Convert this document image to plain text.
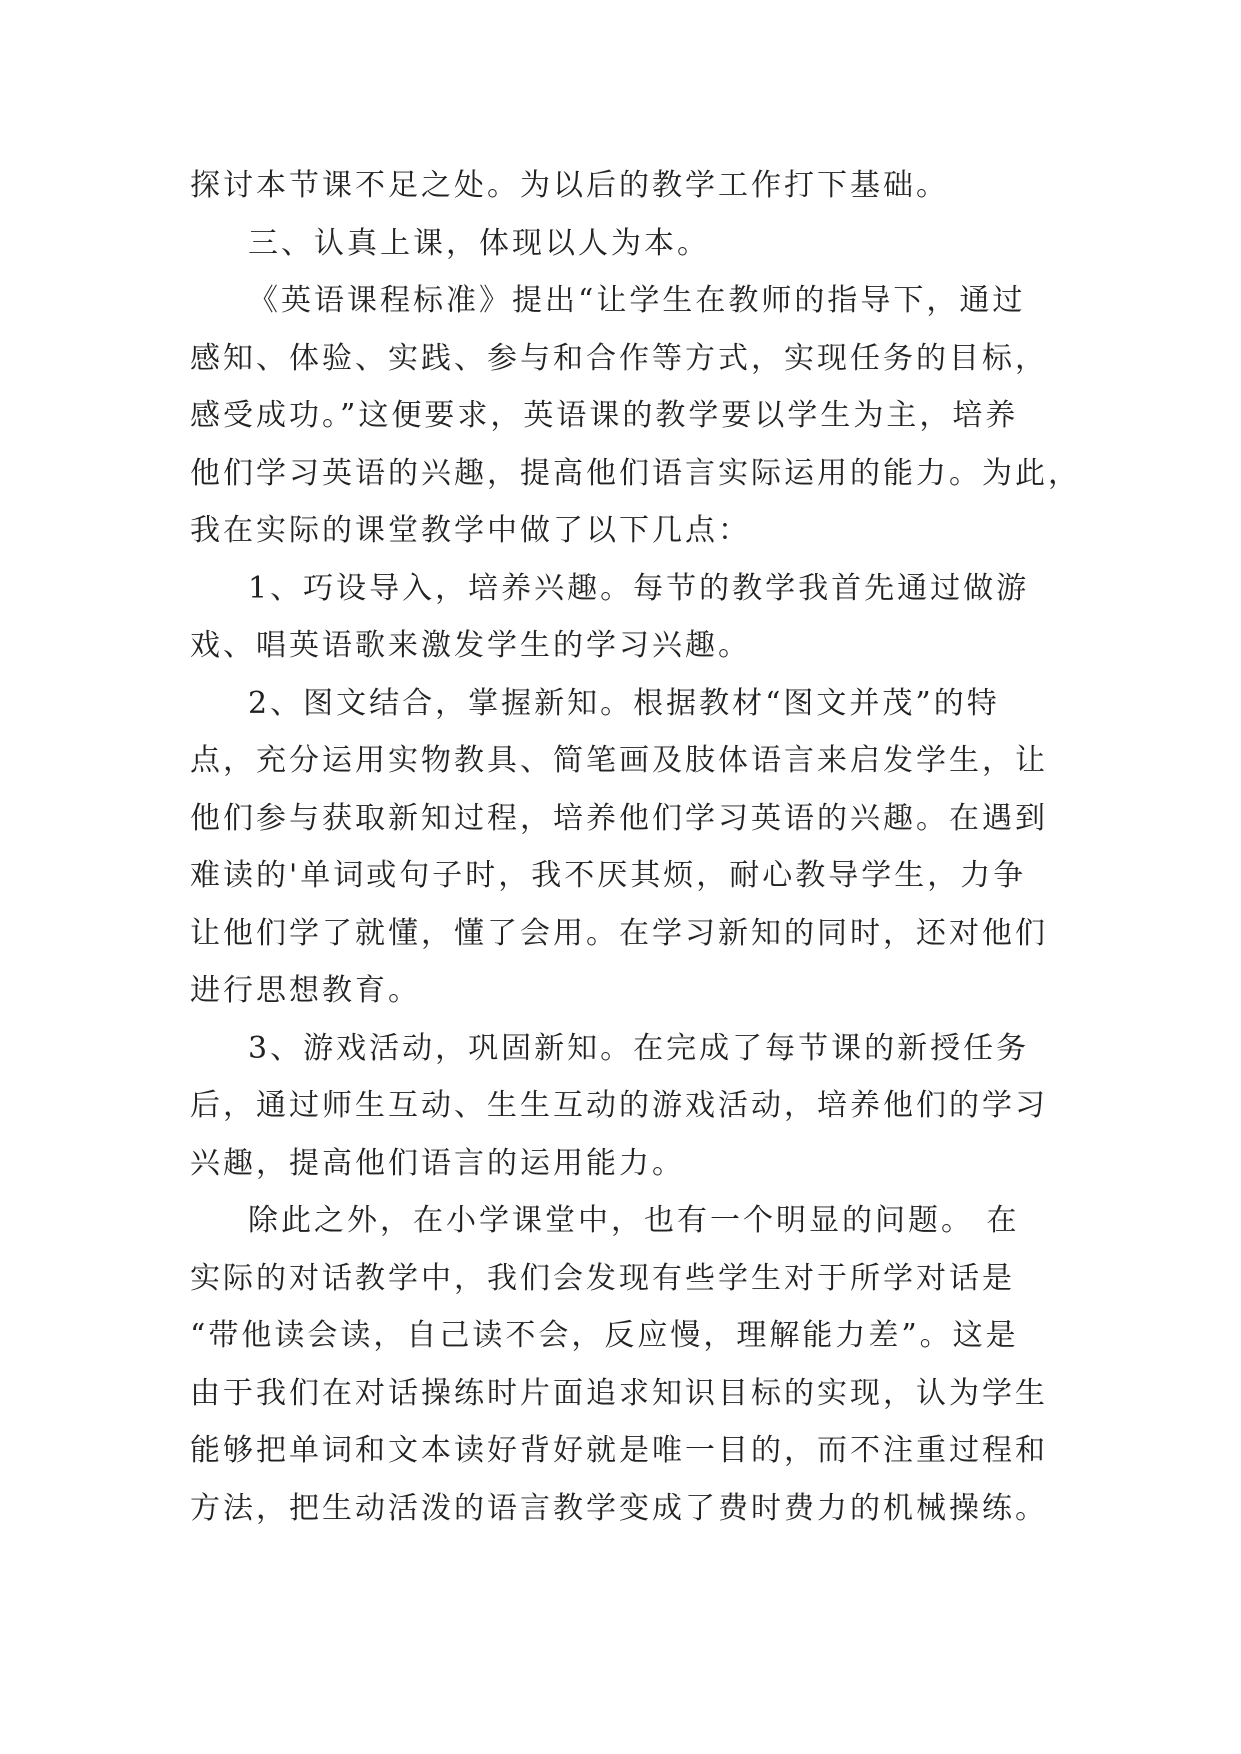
探讨本节课不足之处。为以后的教学工作打下基础。
三、认真上课，体现以人为本。
《英语课程标准》提出“让学生在教师的指导下，通过
感知、体验、实践、参与和合作等方式，实现任务的目标，
感受成功。”这便要求，英语课的教学要以学生为主，培养
他们学习英语的兴趣，提高他们语言实际运用的能力。为此，
我在实际的课堂教学中做了以下几点：
1、巧设导入，培养兴趣。每节的教学我首先通过做游
戏、唱英语歌来激发学生的学习兴趣。
2、图文结合，掌握新知。根据教材“图文并茂”的特
点，充分运用实物教具、简笔画及肢体语言来启发学生，让
他们参与获取新知过程，培养他们学习英语的兴趣。在遇到
难读的'单词或句子时，我不厌其烦，耐心教导学生，力争
让他们学了就懂，懂了会用。在学习新知的同时，还对他们
进行思想教育。
3、游戏活动，巩固新知。在完成了每节课的新授任务
后，通过师生互动、生生互动的游戏活动，培养他们的学习
兴趣，提高他们语言的运用能力。
除此之外，在小学课堂中，也有一个明显的问题。 在
实际的对话教学中，我们会发现有些学生对于所学对话是
“带他读会读，自己读不会，反应慢，理解能力差”。这是
由于我们在对话操练时片面追求知识目标的实现，认为学生
能够把单词和文本读好背好就是唯一目的，而不注重过程和
方法，把生动活泼的语言教学变成了费时费力的机械操练。
